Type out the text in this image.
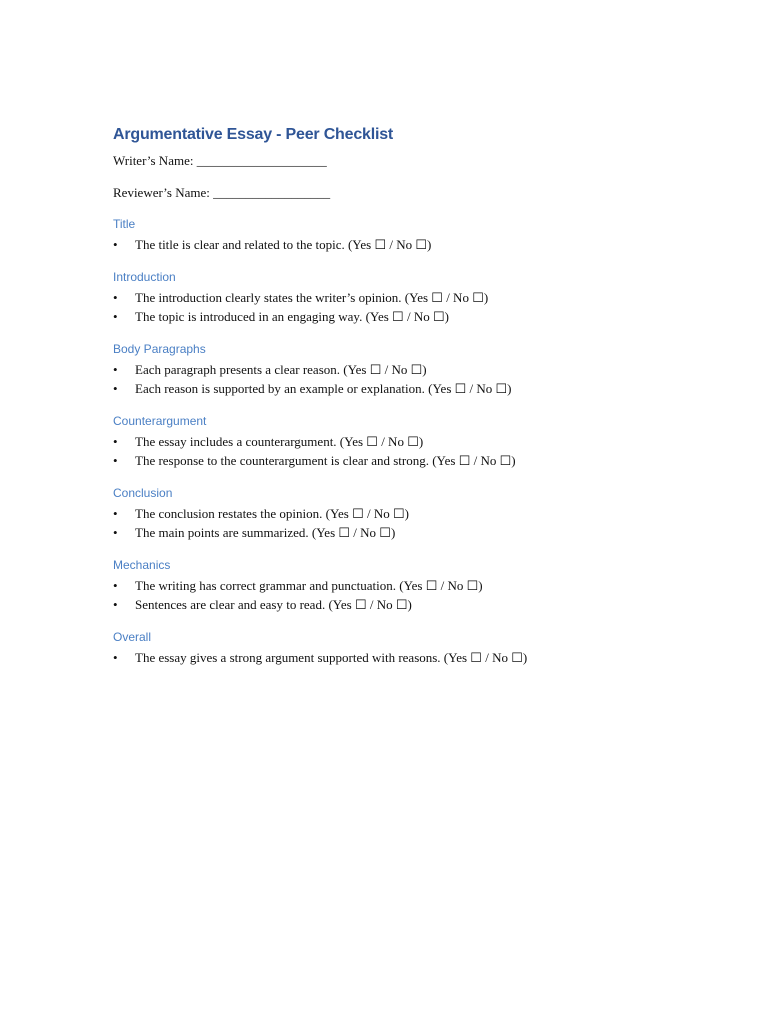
Argumentative Essay - Peer Checklist

Writer’s Name: ____________________

Reviewer’s Name: __________________

Title
•	The title is clear and related to the topic. (Yes ☐ / No ☐)
Introduction
•	The introduction clearly states the writer’s opinion. (Yes ☐ / No ☐)
•	The topic is introduced in an engaging way. (Yes ☐ / No ☐)
Body Paragraphs
•	Each paragraph presents a clear reason. (Yes ☐ / No ☐)
•	Each reason is supported by an example or explanation. (Yes ☐ / No ☐)
Counterargument
•	The essay includes a counterargument. (Yes ☐ / No ☐)
•	The response to the counterargument is clear and strong. (Yes ☐ / No ☐)
Conclusion
•	The conclusion restates the opinion. (Yes ☐ / No ☐)
•	The main points are summarized. (Yes ☐ / No ☐)
Mechanics
•	The writing has correct grammar and punctuation. (Yes ☐ / No ☐)
•	Sentences are clear and easy to read. (Yes ☐ / No ☐)
Overall
•	The essay gives a strong argument supported with reasons. (Yes ☐ / No ☐)
